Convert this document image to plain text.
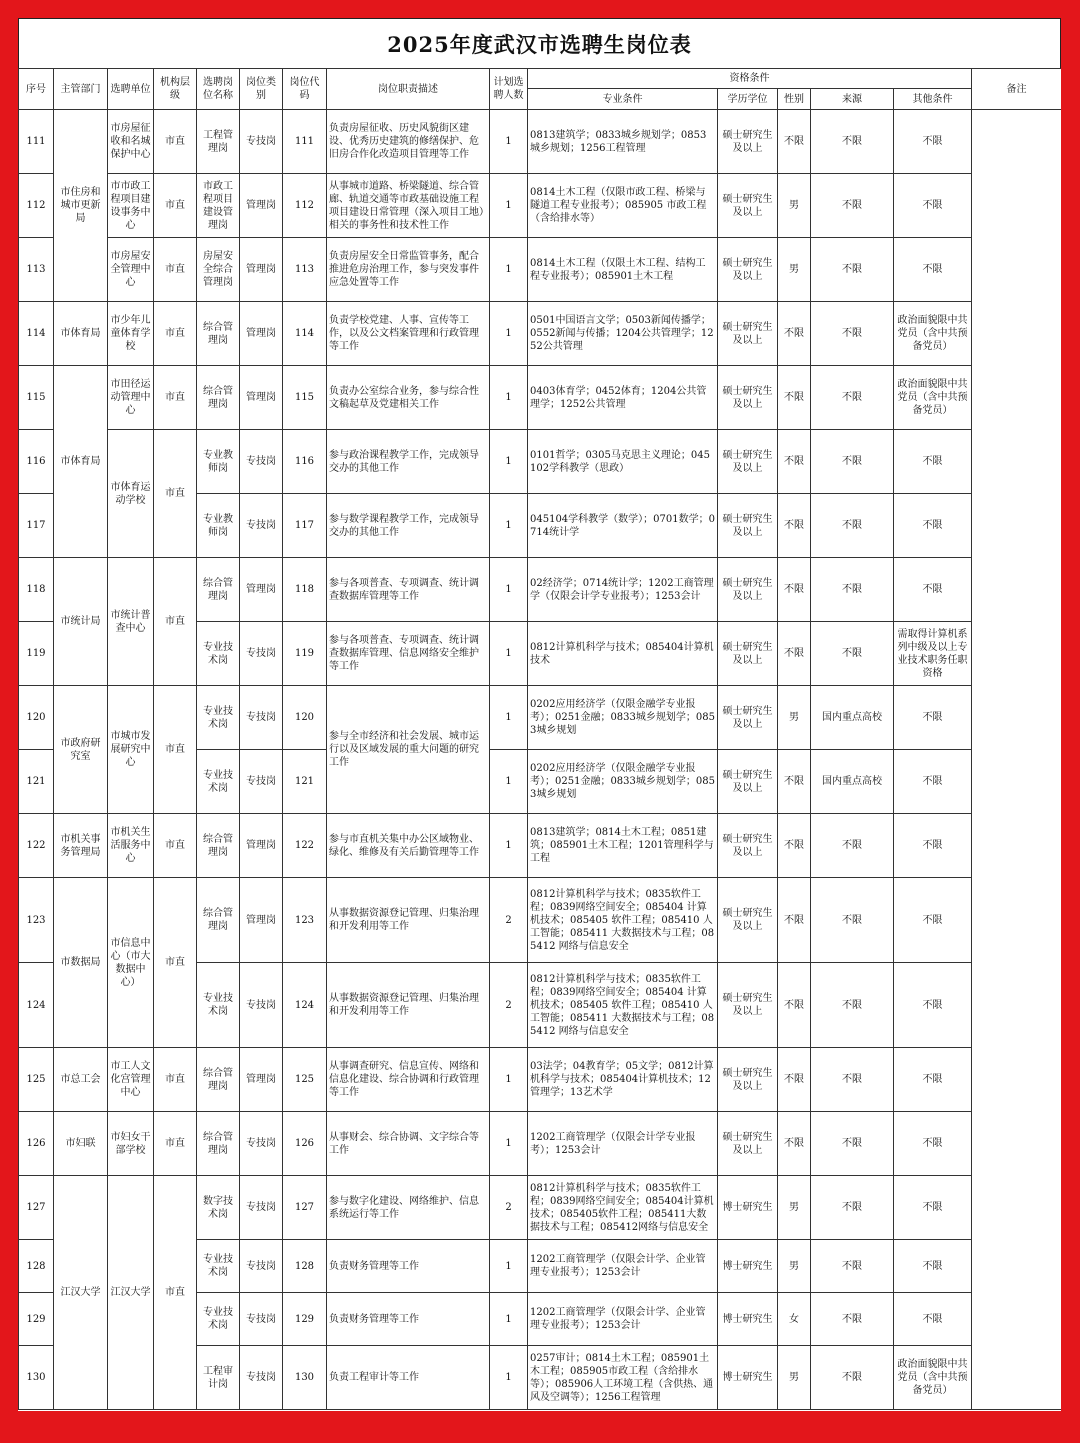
2025年度武汉市选聘生岗位表
序号	主管部门	选聘单位	机构层级	选聘岗位名称	岗位类别	岗位代码	岗位职责描述	计划选聘人数	资格条件					备注
									专业条件	学历学位	性别	来源	其他条件	
111	市住房和城市更新局	市房屋征收和名城保护中心	市直	工程管理岗	专技岗	111	负责房屋征收、历史风貌街区建设、优秀历史建筑的修缮保护、危旧房合作化改造项目管理等工作	1	0813建筑学；0833城乡规划学；0853城乡规划；1256工程管理	硕士研究生及以上	不限	不限	不限	
112		市市政工程项目建设事务中心	市直	市政工程项目建设管理岗	管理岗	112	从事城市道路、桥梁隧道、综合管廊、轨道交通等市政基础设施工程项目建设日常管理（深入项目工地）相关的事务性和技术性工作	1	0814土木工程（仅限市政工程、桥梁与隧道工程专业报考）；085905 市政工程（含给排水等）	硕士研究生及以上	男	不限	不限	
113		市房屋安全管理中心	市直	房屋安全综合管理岗	管理岗	113	负责房屋安全日常监管事务，配合推进危房治理工作，参与突发事件应急处置等工作	1	0814土木工程（仅限土木工程、结构工程专业报考）；085901土木工程	硕士研究生及以上	男	不限	不限	
114	市体育局	市少年儿童体育学校	市直	综合管理岗	管理岗	114	负责学校党建、人事、宣传等工作，以及公文档案管理和行政管理等工作	1	0501中国语言文学；0503新闻传播学；0552新闻与传播；1204公共管理学；1252公共管理	硕士研究生及以上	不限	不限	政治面貌限中共党员（含中共预备党员）	
115	市体育局	市田径运动管理中心	市直	综合管理岗	管理岗	115	负责办公室综合业务，参与综合性文稿起草及党建相关工作	1	0403体育学；0452体育；1204公共管理学；1252公共管理	硕士研究生及以上	不限	不限	政治面貌限中共党员（含中共预备党员）	
116		市体育运动学校	市直	专业教师岗	专技岗	116	参与政治课程教学工作，完成领导交办的其他工作	1	0101哲学；0305马克思主义理论；045102学科教学（思政）	硕士研究生及以上	不限	不限	不限	
117				专业教师岗	专技岗	117	参与数学课程教学工作，完成领导交办的其他工作	1	045104学科教学（数学）；0701数学；0714统计学	硕士研究生及以上	不限	不限	不限	
118	市统计局	市统计普查中心	市直	综合管理岗	管理岗	118	参与各项普查、专项调查、统计调查数据库管理等工作	1	02经济学；0714统计学；1202工商管理学（仅限会计学专业报考）；1253会计	硕士研究生及以上	不限	不限	不限	
119				专业技术岗	专技岗	119	参与各项普查、专项调查、统计调查数据库管理、信息网络安全维护等工作	1	0812计算机科学与技术；085404计算机技术	硕士研究生及以上	不限	不限	需取得计算机系列中级及以上专业技术职务任职资格	
120	市政府研究室	市城市发展研究中心	市直	专业技术岗	专技岗	120	参与全市经济和社会发展、城市运行以及区域发展的重大问题的研究工作	1	0202应用经济学（仅限金融学专业报考）；0251金融；0833城乡规划学；0853城乡规划	硕士研究生及以上	男	国内重点高校	不限	
121				专业技术岗	专技岗	121		1	0202应用经济学（仅限金融学专业报考）；0251金融；0833城乡规划学；0853城乡规划	硕士研究生及以上	不限	国内重点高校	不限	
122	市机关事务管理局	市机关生活服务中心	市直	综合管理岗	管理岗	122	参与市直机关集中办公区域物业、绿化、维修及有关后勤管理等工作	1	0813建筑学；0814土木工程；0851建筑；085901土木工程；1201管理科学与工程	硕士研究生及以上	不限	不限	不限	
123	市数据局	市信息中心（市大数据中心）	市直	综合管理岗	管理岗	123	从事数据资源登记管理、归集治理和开发利用等工作	2	0812计算机科学与技术；0835软件工程；0839网络空间安全；085404 计算机技术；085405 软件工程；085410 人工智能；085411 大数据技术与工程；085412 网络与信息安全	硕士研究生及以上	不限	不限	不限	
124				专业技术岗	专技岗	124	从事数据资源登记管理、归集治理和开发利用等工作	2	0812计算机科学与技术；0835软件工程；0839网络空间安全；085404 计算机技术；085405 软件工程；085410 人工智能；085411 大数据技术与工程；085412 网络与信息安全	硕士研究生及以上	不限	不限	不限	
125	市总工会	市工人文化宫管理中心	市直	综合管理岗	管理岗	125	从事调查研究、信息宣传、网络和信息化建设、综合协调和行政管理等工作	1	03法学；04教育学；05文学；0812计算机科学与技术；085404计算机技术；12管理学；13艺术学	硕士研究生及以上	不限	不限	不限	
126	市妇联	市妇女干部学校	市直	综合管理岗	专技岗	126	从事财会、综合协调、文字综合等工作	1	1202工商管理学（仅限会计学专业报考）；1253会计	硕士研究生及以上	不限	不限	不限	
127	江汉大学	江汉大学	市直	数字技术岗	专技岗	127	参与数字化建设、网络维护、信息系统运行等工作	2	0812计算机科学与技术；0835软件工程；0839网络空间安全；085404计算机技术；085405软件工程；085411大数据技术与工程；085412网络与信息安全	博士研究生	男	不限	不限	
128				专业技术岗	专技岗	128	负责财务管理等工作	1	1202工商管理学（仅限会计学、企业管理专业报考）；1253会计	博士研究生	男	不限	不限	
129				专业技术岗	专技岗	129	负责财务管理等工作	1	1202工商管理学（仅限会计学、企业管理专业报考）；1253会计	博士研究生	女	不限	不限	
130				工程审计岗	专技岗	130	负责工程审计等工作	1	0257审计；0814土木工程；085901土木工程；085905市政工程（含给排水等）；085906人工环境工程（含供热、通风及空调等）；1256工程管理	博士研究生	男	不限	政治面貌限中共党员（含中共预备党员）	
